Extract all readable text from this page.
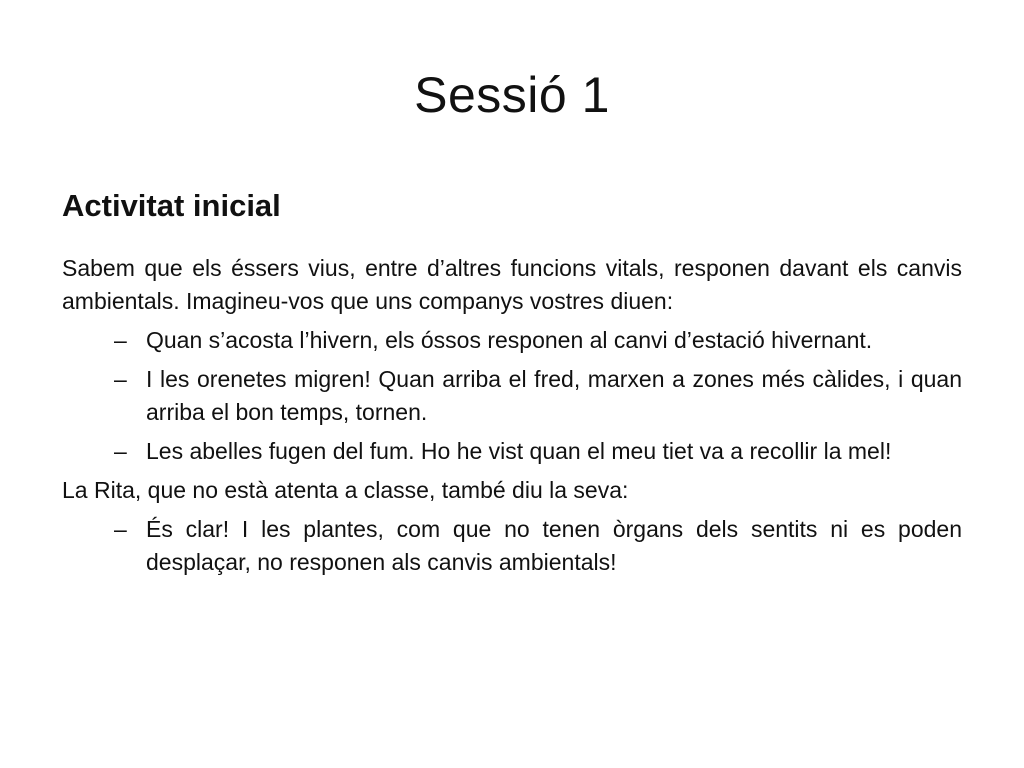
Sessió 1
Activitat inicial

Sabem que els éssers vius, entre d’altres funcions vitals, responen davant els canvis ambientals. Imagineu-vos que uns companys vostres diuen:

– Quan s’acosta l’hivern, els óssos responen al canvi d’estació hivernant.
– I les orenetes migren! Quan arriba el fred, marxen a zones més càlides, i quan arriba el bon temps, tornen.
– Les abelles fugen del fum. Ho he vist quan el meu tiet va a recollir la mel!

La Rita, que no està atenta a classe, també diu la seva:

– És clar! I les plantes, com que no tenen òrgans dels sentits ni es poden desplaçar, no responen als canvis ambientals!
